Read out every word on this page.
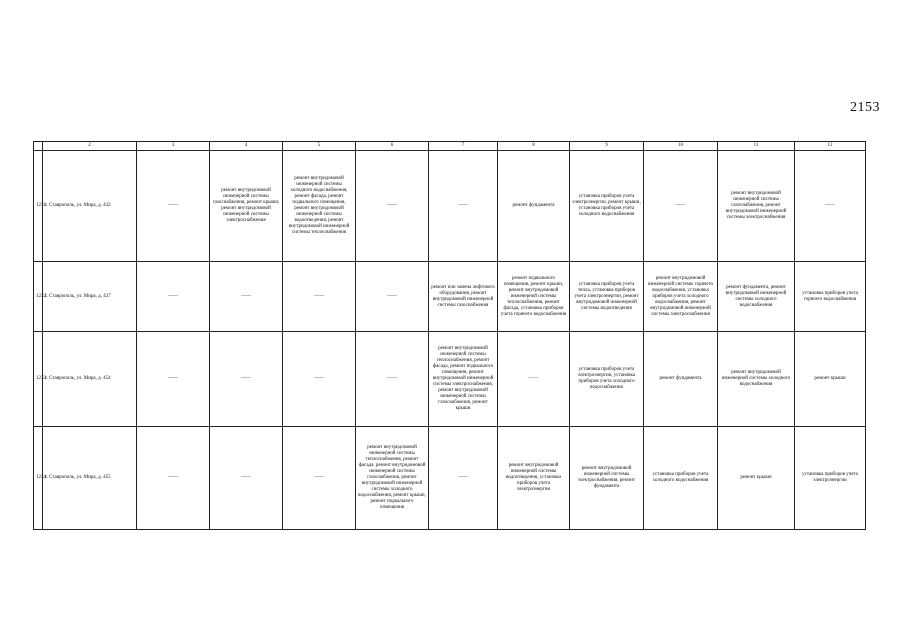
2153
	2	3	4	5	6	7	8	9	10	11	12
1231.	г. Ставрополь, ул. Мира, д. 432	——	ремонт внутридомовой инженерной системы газоснабжения, ремонт крыши, ремонт внутридомовой инженерной системы электроснабжения	ремонт внутридомовой инженерной системы холодного водоснабжения, ремонт фасада, ремонт подвального помещения, ремонт внутридомовой инженерной системы водоотведения, ремонт внутридомовой инженерной системы теплоснабжения	——	——	ремонт фундамента	установка приборов учета электроэнергии, ремонт крыши, установка приборов учета холодного водоснабжения	——	ремонт внутридомовой инженерной системы газоснабжения, ремонт внутридомовой инженерной системы электроснабжения	——
1232.	г. Ставрополь, ул. Мира, д. 437	——	——	——	——	ремонт или замена лифтового оборудования, ремонт внутридомовой инженерной системы газоснабжения	ремонт подвального помещения, ремонт крыши, ремонт внутридомовой инженерной системы теплоснабжения, ремонт фасада, установка приборов учета горячего водоснабжения	установка приборов учета тепла, установка приборов учета электроэнергии, ремонт внутридомовой инженерной системы водоотведения	ремонт внутридомовой инженерной системы горячего водоснабжения, установка приборов учета холодного водоснабжения, ремонт внутридомовой инженерной системы электроснабжения	ремонт фундамента, ремонт внутридомовой инженерной системы холодного водоснабжения	установка приборов учета горячего водоснабжения
1233.	г. Ставрополь, ул. Мира, д. 454	——	——	——	——	ремонт внутридомовой инженерной системы теплоснабжения, ремонт фасада, ремонт подвального помещения, ремонт внутридомовой инженерной системы электроснабжения, ремонт внутридомовой инженерной системы газоснабжения, ремонт крыши	——	установка приборов учета электроэнергии, установка приборов учета холодного водоснабжения	ремонт фундамента	ремонт внутридомовой инженерной системы холодного водоснабжения	ремонт крыши
1234.	г. Ставрополь, ул. Мира, д. 455	——	——	——	ремонт внутридомовой инженерной системы теплоснабжения, ремонт фасада, ремонт внутридомовой инженерной системы газоснабжения, ремонт внутридомовой инженерной системы холодного водоснабжения, ремонт крыши, ремонт подвального помещения	——	ремонт внутридомовой инженерной системы водоотведения, установка приборов учета электроэнергии	ремонт внутридомовой инженерной системы электроснабжения, ремонт фундамента	установка приборов учета холодного водоснабжения	ремонт крыши	установка приборов учета электроэнергии
